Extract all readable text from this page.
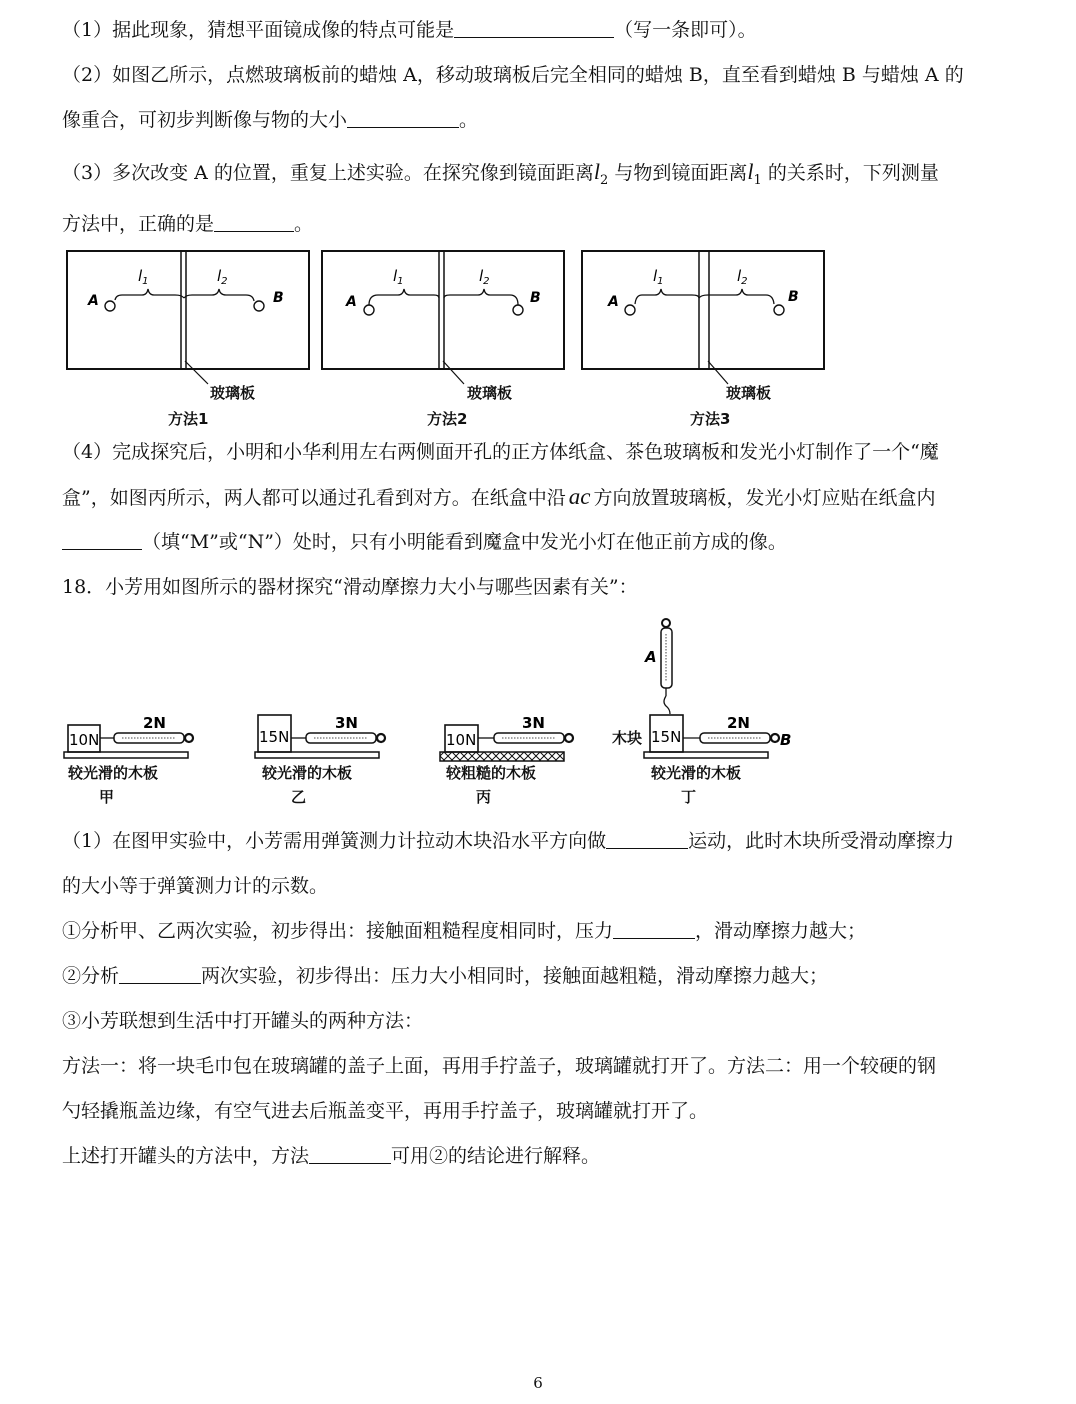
（1）据此现象，猜想平面镜成像的特点可能是	（写一条即可）。
（2）如图乙所示，点燃玻璃板前的蜡烛 A，移动玻璃板后完全相同的蜡烛 B，直至看到蜡烛 B 与蜡烛 A 的
像重合，可初步判断像与物的大小	。
（3）多次改变 A 的位置，重复上述实验。在探究像到镜面距离$l_2$ 与物到镜面距离$l_1$ 的关系时，下列测量
方法中，正确的是	。
$l_1$	$l_2$
A	B
玻璃板
方法1
$l_1$	$l_2$
A	B
玻璃板
方法2
$l_1$	$l_2$
A	B
玻璃板
方法3
（4）完成探究后，小明和小华利用左右两侧面开孔的正方体纸盒、茶色玻璃板和发光小灯制作了一个“魔
盒”，如图丙所示，两人都可以通过孔看到对方。在纸盒中沿 ac 方向放置玻璃板，发光小灯应贴在纸盒内
（填“M”或“N”）处时，只有小明能看到魔盒中发光小灯在他正前方成的像。
18．小芳用如图所示的器材探究“滑动摩擦力大小与哪些因素有关”：
10N
2N
较光滑的木板
甲
15N
3N
较光滑的木板
乙
10N
3N
较粗糙的木板
丙
A
15N
木块
2N
B
较光滑的木板
丁
（1）在图甲实验中，小芳需用弹簧测力计拉动木块沿水平方向做	运动，此时木块所受滑动摩擦力
的大小等于弹簧测力计的示数。
①分析甲、乙两次实验，初步得出：接触面粗糙程度相同时，压力	，滑动摩擦力越大；
②分析	两次实验，初步得出：压力大小相同时，接触面越粗糙，滑动摩擦力越大；
③小芳联想到生活中打开罐头的两种方法：
方法一：将一块毛巾包在玻璃罐的盖子上面，再用手拧盖子，玻璃罐就打开了。方法二：用一个较硬的钢
勺轻撬瓶盖边缘，有空气进去后瓶盖变平，再用手拧盖子，玻璃罐就打开了。
上述打开罐头的方法中，方法	可用②的结论进行解释。
6
